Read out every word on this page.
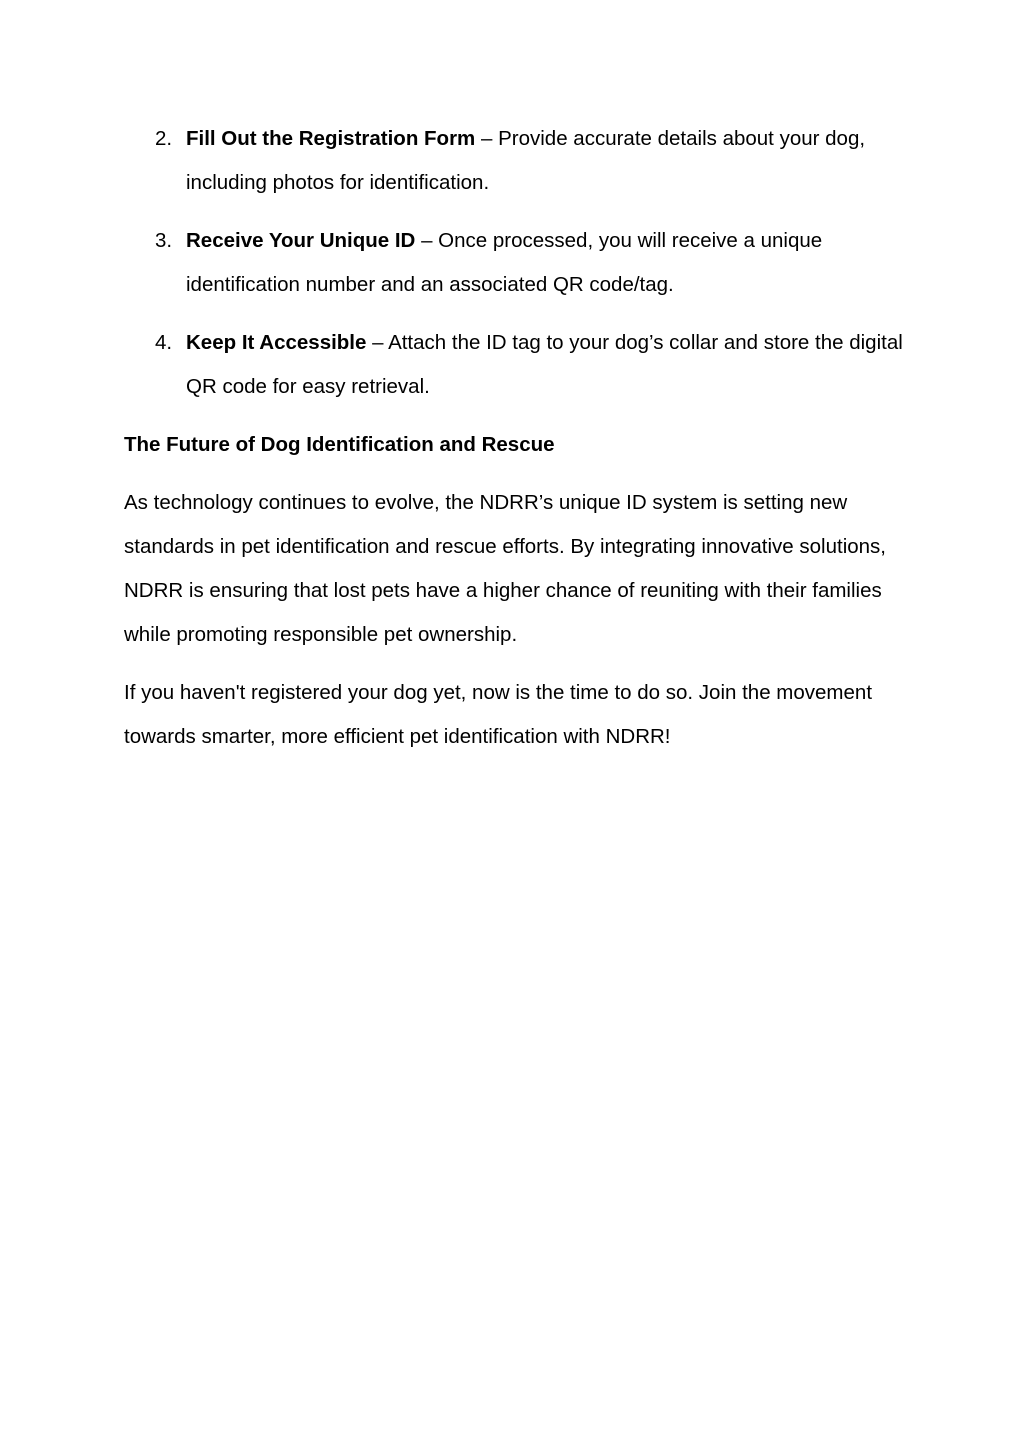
2. Fill Out the Registration Form – Provide accurate details about your dog, including photos for identification.
3. Receive Your Unique ID – Once processed, you will receive a unique identification number and an associated QR code/tag.
4. Keep It Accessible – Attach the ID tag to your dog’s collar and store the digital QR code for easy retrieval.
The Future of Dog Identification and Rescue

As technology continues to evolve, the NDRR’s unique ID system is setting new standards in pet identification and rescue efforts. By integrating innovative solutions, NDRR is ensuring that lost pets have a higher chance of reuniting with their families while promoting responsible pet ownership.

If you haven't registered your dog yet, now is the time to do so. Join the movement towards smarter, more efficient pet identification with NDRR!
